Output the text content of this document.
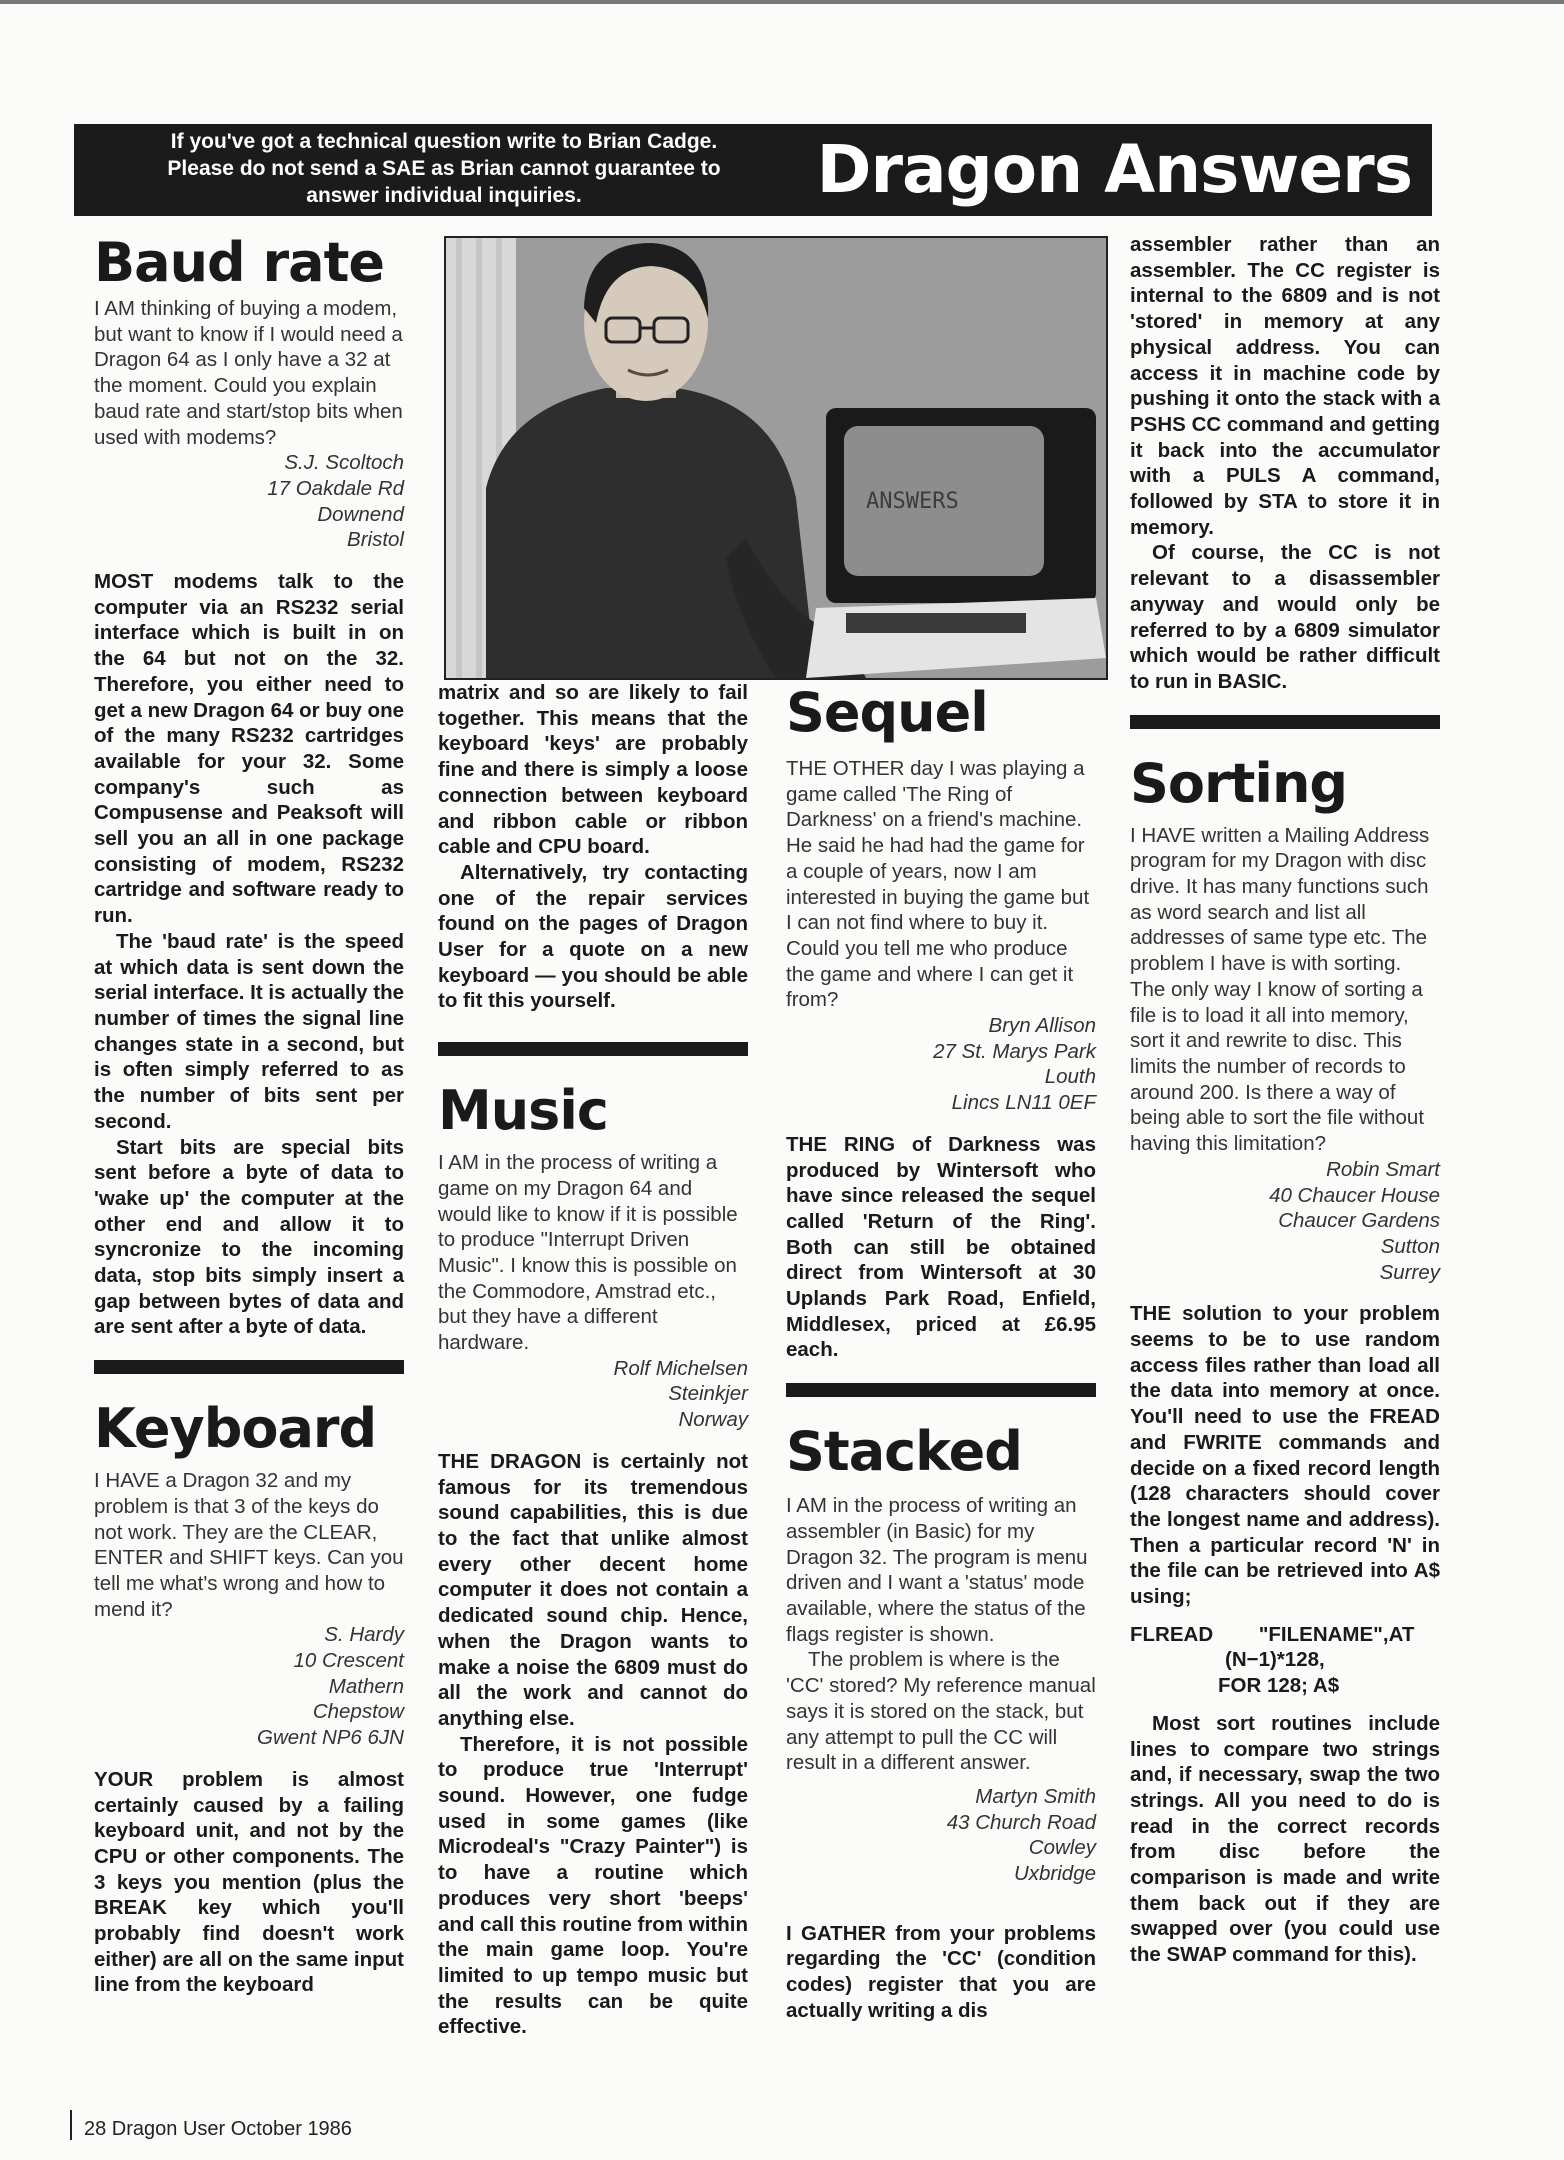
If you've got a technical question write to Brian Cadge.
Please do not send a SAE as Brian cannot guarantee to
answer individual inquiries.	Dragon Answers
Baud rate

I AM thinking of buying a modem, but want to know if I would need a Dragon 64 as I only have a 32 at the moment. Could you explain baud rate and start/stop bits when used with modems?

S.J. Scoltoch

17 Oakdale Rd

Downend

Bristol

MOST modems talk to the computer via an RS232 serial interface which is built in on the 64 but not on the 32. Therefore, you either need to get a new Dragon 64 or buy one of the many RS232 cartridges available for your 32. Some company's such as Compusense and Peaksoft will sell you an all in one package consisting of modem, RS232 cartridge and software ready to run.

The 'baud rate' is the speed at which data is sent down the serial interface. It is actually the number of times the signal line changes state in a second, but is often simply referred to as the number of bits sent per second.

Start bits are special bits sent before a byte of data to 'wake up' the computer at the other end and allow it to syncronize to the incoming data, stop bits simply insert a gap between bytes of data and are sent after a byte of data.

Keyboard

I HAVE a Dragon 32 and my problem is that 3 of the keys do not work. They are the CLEAR, ENTER and SHIFT keys. Can you tell me what's wrong and how to mend it?

S. Hardy

10 Crescent

Mathern

Chepstow

Gwent NP6 6JN

YOUR problem is almost certainly caused by a failing keyboard unit, and not by the CPU or other components. The 3 keys you mention (plus the BREAK key which you'll probably find doesn't work either) are all on the same input line from the keyboard

ANSWERS

matrix and so are likely to fail together. This means that the keyboard 'keys' are probably fine and there is simply a loose connection between keyboard and ribbon cable or ribbon cable and CPU board.

Alternatively, try contacting one of the repair services found on the pages of Dragon User for a quote on a new keyboard — you should be able to fit this yourself.

Music

I AM in the process of writing a game on my Dragon 64 and would like to know if it is possible to produce "Interrupt Driven Music". I know this is possible on the Commodore, Amstrad etc., but they have a different hardware.

Rolf Michelsen

Steinkjer

Norway

THE DRAGON is certainly not famous for its tremendous sound capabilities, this is due to the fact that unlike almost every other decent home computer it does not contain a dedicated sound chip. Hence, when the Dragon wants to make a noise the 6809 must do all the work and cannot do anything else.

Therefore, it is not possible to produce true 'Interrupt' sound. However, one fudge used in some games (like Microdeal's "Crazy Painter") is to have a routine which produces very short 'beeps' and call this routine from within the main game loop. You're limited to up tempo music but the results can be quite effective.

Sequel

THE OTHER day I was playing a game called 'The Ring of Darkness' on a friend's machine. He said he had had the game for a couple of years, now I am interested in buying the game but I can not find where to buy it. Could you tell me who produce the game and where I can get it from?

Bryn Allison

27 St. Marys Park

Louth

Lincs LN11 0EF

THE RING of Darkness was produced by Wintersoft who have since released the sequel called 'Return of the Ring'. Both can still be obtained direct from Wintersoft at 30 Uplands Park Road, Enfield, Middlesex, priced at £6.95 each.

Stacked

I AM in the process of writing an assembler (in Basic) for my Dragon 32. The program is menu driven and I want a 'status' mode available, where the status of the flags register is shown.

The problem is where is the 'CC' stored? My reference manual says it is stored on the stack, but any attempt to pull the CC will result in a different answer.

Martyn Smith

43 Church Road

Cowley

Uxbridge

I GATHER from your problems regarding the 'CC' (condition codes) register that you are actually writing a dis

assembler rather than an assembler. The CC register is internal to the 6809 and is not 'stored' in memory at any physical address. You can access it in machine code by pushing it onto the stack with a PSHS CC command and getting it back into the accumulator with a PULS A command, followed by STA to store it in memory.

Of course, the CC is not relevant to a disassembler anyway and would only be referred to by a 6809 simulator which would be rather difficult to run in BASIC.

Sorting

I HAVE written a Mailing Address program for my Dragon with disc drive. It has many functions such as word search and list all addresses of same type etc. The problem I have is with sorting. The only way I know of sorting a file is to load it all into memory, sort it and rewrite to disc. This limits the number of records to around 200. Is there a way of being able to sort the file without having this limitation?

Robin Smart

40 Chaucer House

Chaucer Gardens

Sutton

Surrey

THE solution to your problem seems to be to use random access files rather than load all the data into memory at once. You'll need to use the FREAD and FWRITE commands and decide on a fixed record length (128 characters should cover the longest name and address). Then a particular record 'N' in the file can be retrieved into A$ using;

FLREAD        "FILENAME",AT
(N−1)*128,
FOR 128; A$

Most sort routines include lines to compare two strings and, if necessary, swap the two strings. All you need to do is read in the correct records from disc before the comparison is made and write them back out if they are swapped over (you could use the SWAP command for this).

28 Dragon User October 1986
